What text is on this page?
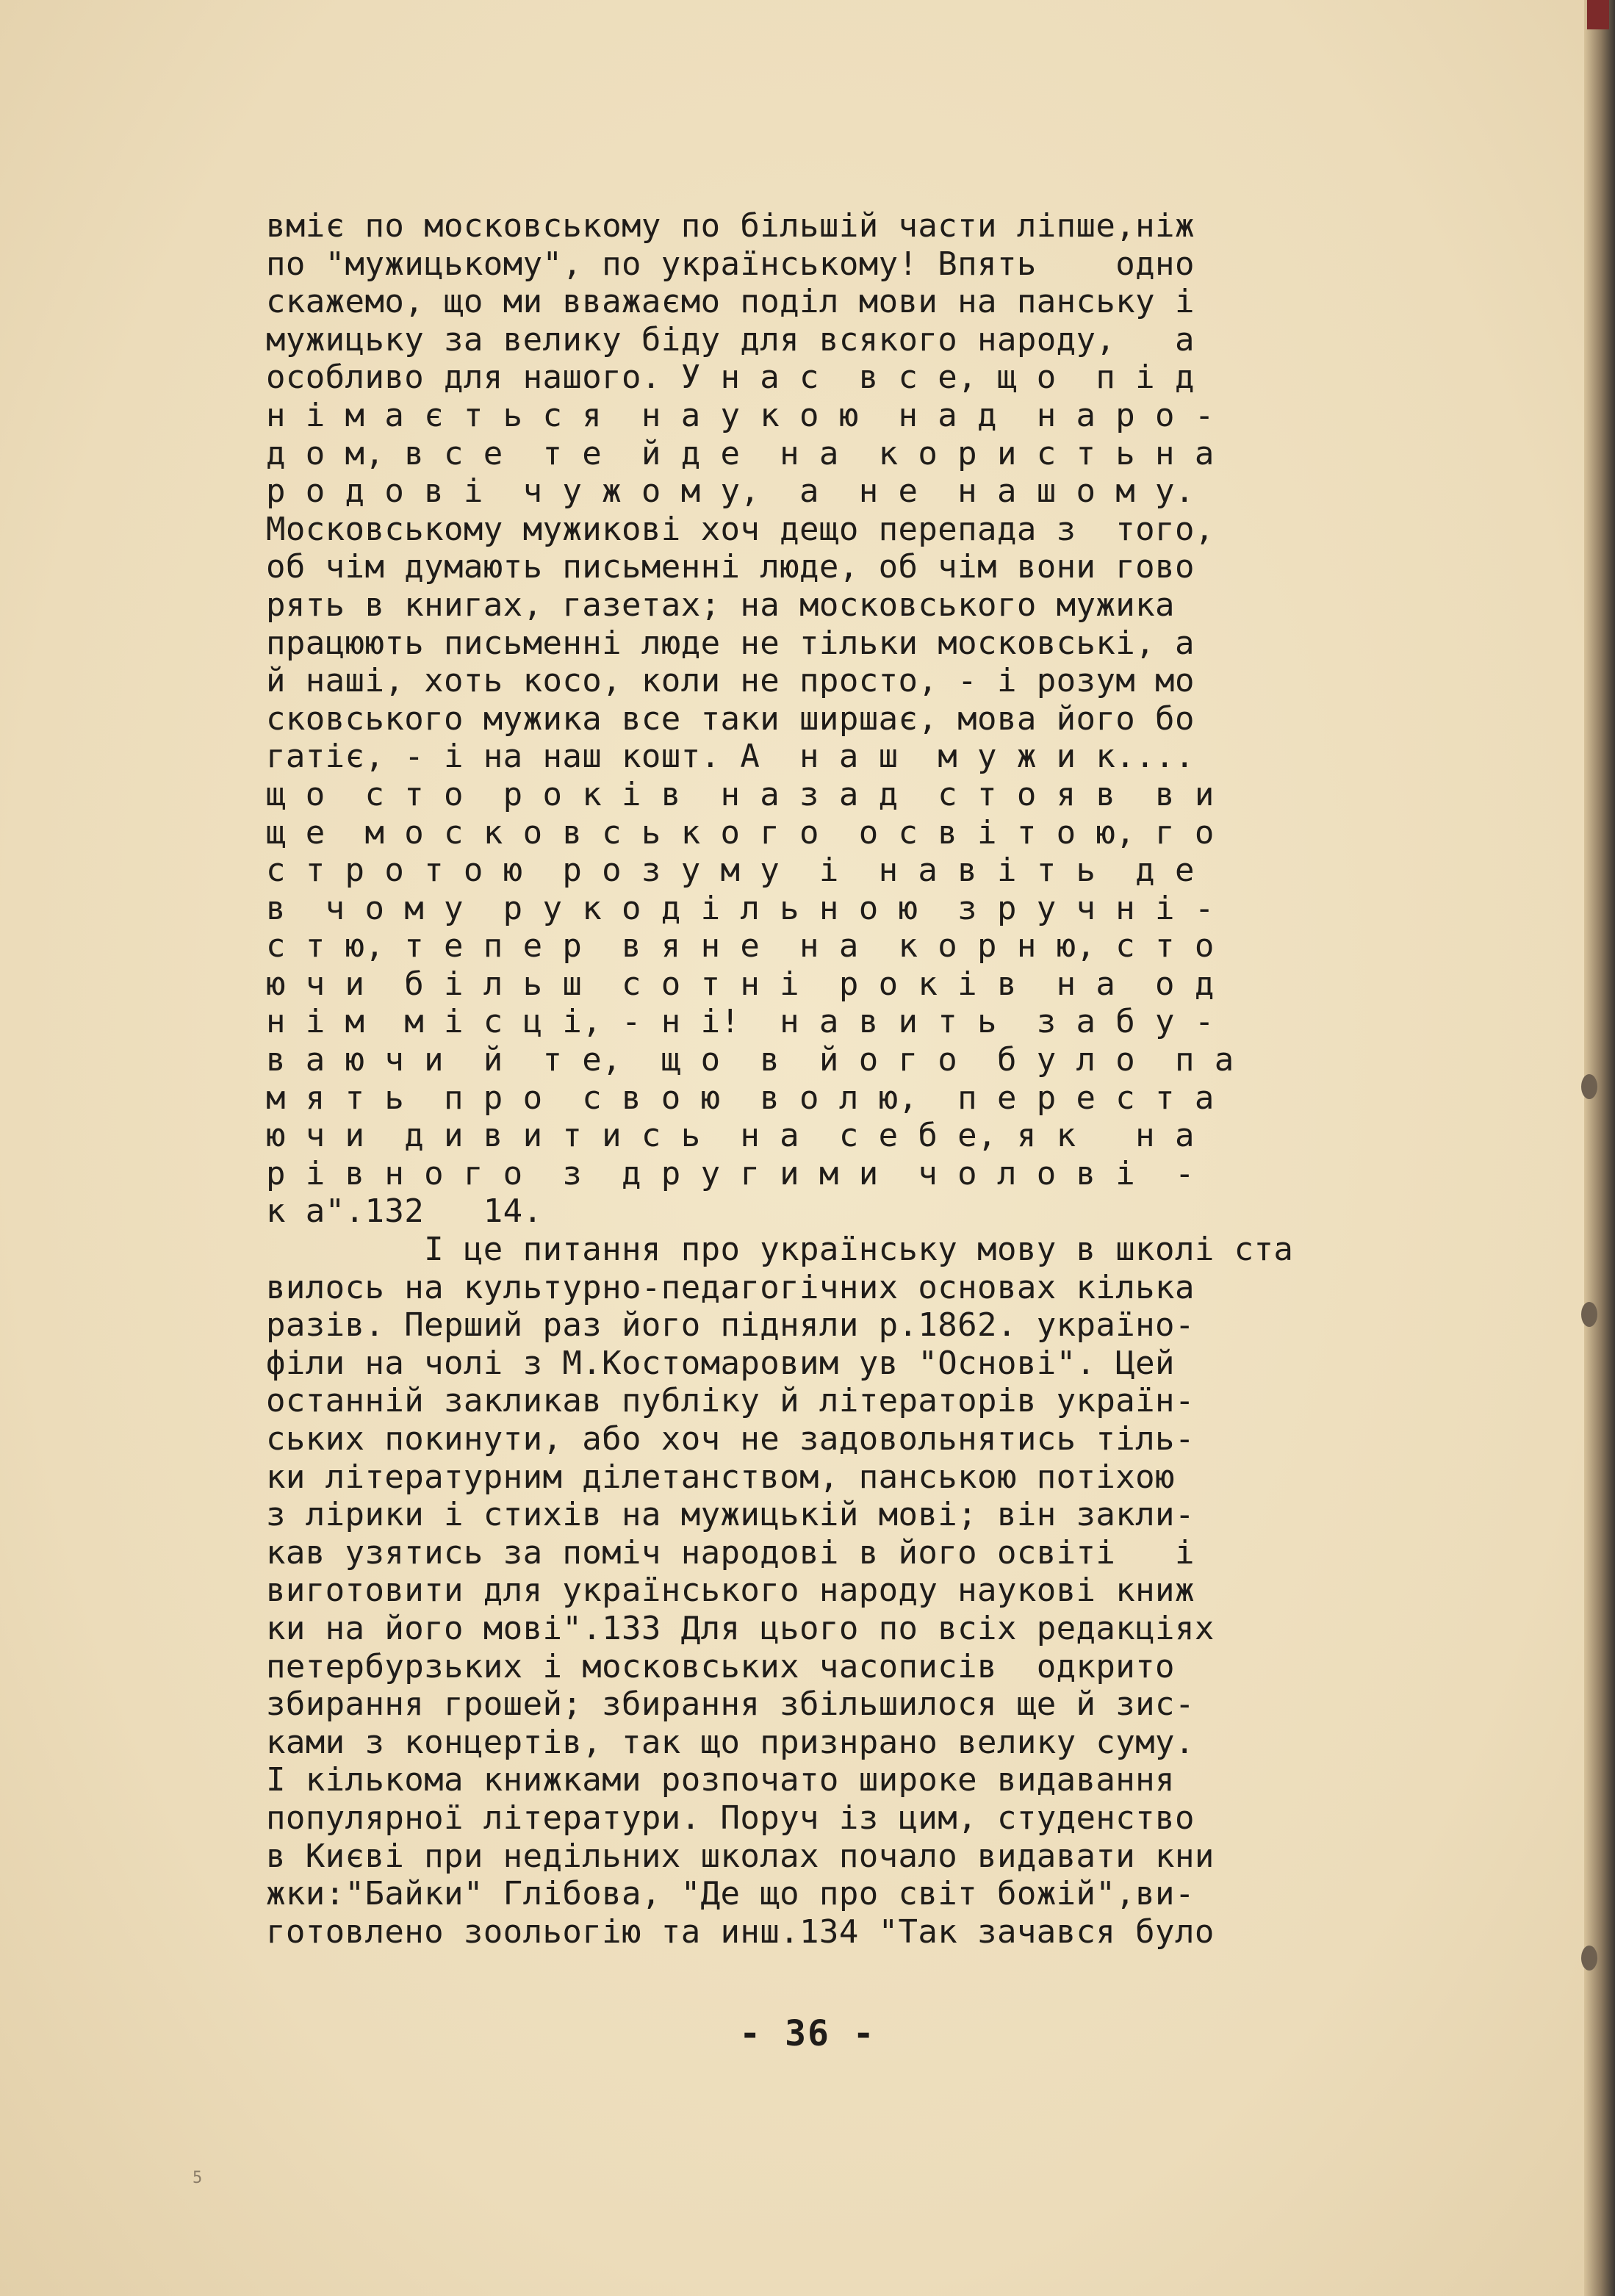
вміє по московському по більшій части ліпше,ніж
по "мужицькому", по українському! Впять    одно
скажемо, що ми вважаємо поділ мови на панську і
мужицьку за велику біду для всякого народу,   а
особливо для нашого. У н а с  в с е, щ о  п і д
н і м а є т ь с я  н а у к о ю  н а д  н а р о -
д о м, в с е  т е  й д е  н а  к о р и с т ь н а
р о д о в і  ч у ж о м у,  а  н е  н а ш о м у.
Московському мужикові хоч дещо перепада з  того,
об чім думають письменні люде, об чім вони гово
рять в книгах, газетах; на московського мужика
працюють письменні люде не тільки московські, а
й наші, хоть косо, коли не просто, - і розум мо
сковського мужика все таки ширшає, мова його бо
гатіє, - і на наш кошт. А  н а ш  м у ж и к....
щ о  с т о  р о к і в  н а з а д  с т о я в  в и
щ е  м о с к о в с ь к о г о  о с в і т о ю, г о
с т р о т о ю  р о з у м у  і  н а в і т ь  д е
в  ч о м у  р у к о д і л ь н о ю  з р у ч н і -
с т ю, т е п е р  в я н е  н а  к о р н ю, с т о
ю ч и  б і л ь ш  с о т н і  р о к і в  н а  о д
н і м  м і с ц і, - н і!  н а в и т ь  з а б у -
в а ю ч и  й  т е,  щ о  в  й о г о  б у л о  п а
м я т ь  п р о  с в о ю  в о л ю,  п е р е с т а
ю ч и  д и в и т и с ь  н а  с е б е, я к   н а
р і в н о г о  з  д р у г и м и  ч о л о в і  -
к а".132   14.
І це питання про українську мову в школі ста
вилось на культурно-педагогічних основах кілька
разів. Перший раз його підняли р.1862. україно-
філи на чолі з М.Костомаровим ув "Основі". Цей
останній закликав публіку й літераторів україн-
ських покинути, або хоч не задовольнятись тіль-
ки літературним ділетанством, панською потіхою
з лірики і стихів на мужицькій мові; він закли-
кав узятись за поміч народові в його освіті   і
виготовити для українського народу наукові книж
ки на його мові".133 Для цього по всіх редакціях
петербурзьких і московських часописів  одкрито
збирання грошей; збирання збільшилося ще й зис-
ками з концертів, так що признрано велику суму.
І кількома книжками розпочато широке видавання
популярної літератури. Поруч із цим, студенство
в Києві при недільних школах почало видавати кни
жки:"Байки" Глібова, "Де що про світ божій",ви-
готовлено зоольогію та инш.134 "Так зачався було
- 36 -
5
